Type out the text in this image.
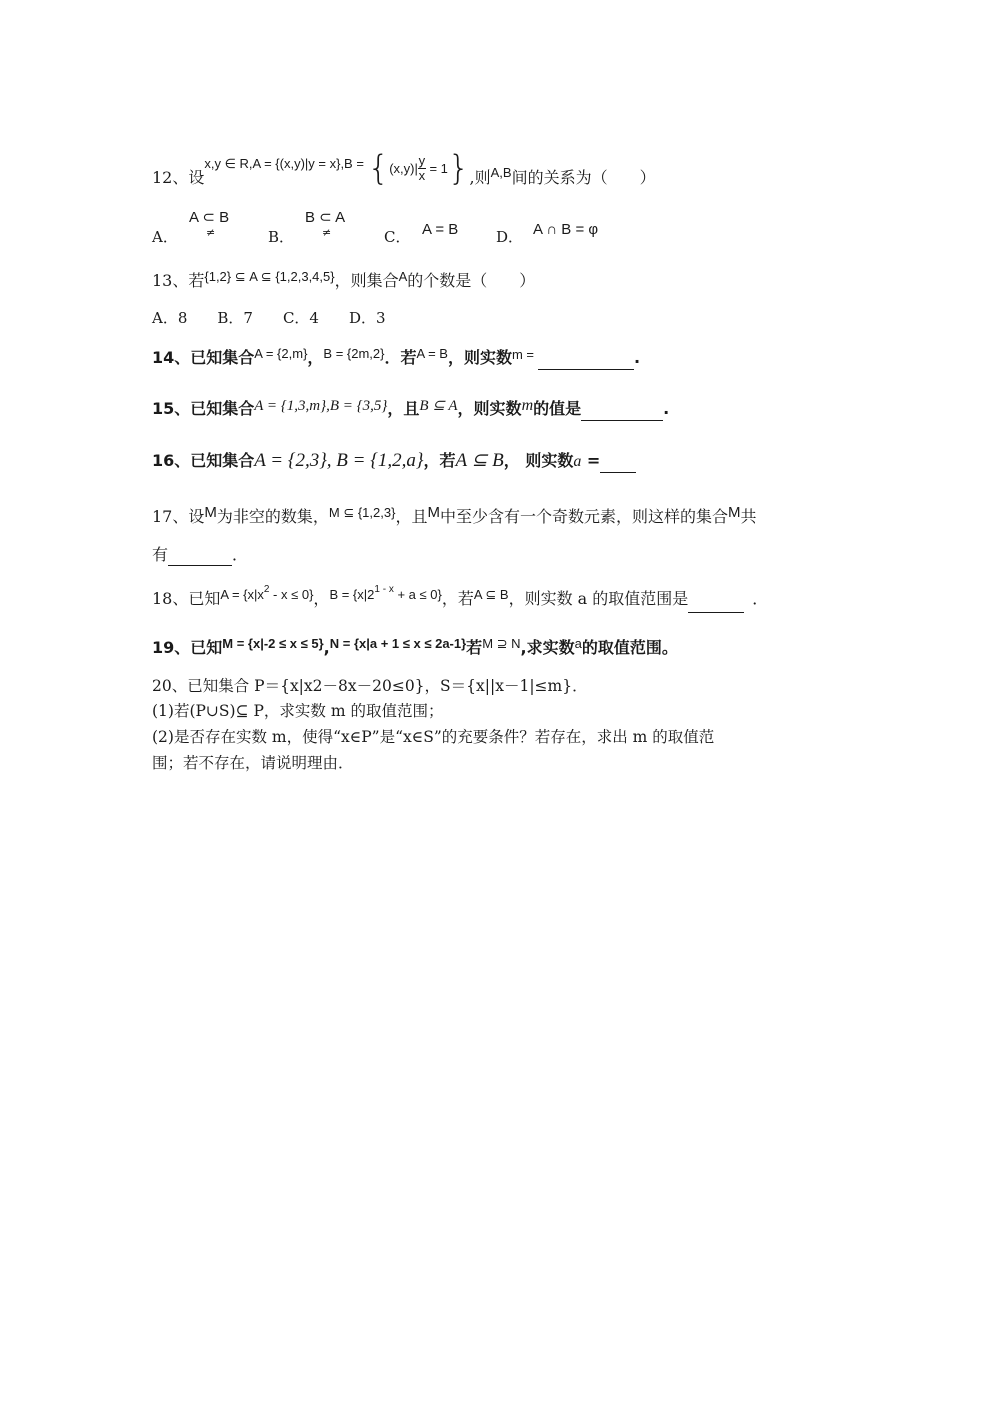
12、设$^{x,y \in R,A = \{(x,y)|y = x\},B =}$ $\{(x,y)| \frac{y}{x} = 1\}$,则$_{A,B}$间的关系为（　　）
A．
A ⊂ B
≠	B．
B ⊂ A
≠	C． A = B	D． A ∩ B = φ
13、若$^{\{1,2\} ⊆ A ⊆ \{1,2,3,4,5\}}$，则集合$^A$的个数是（　　）
A．8　　B．7　　C．4　　D．3
14、已知集合$^{A = \{2,m\}}$，$^{B = \{2m,2\}}$．若$^{A = B}$，则实数$^{m =}$	.
15、已知集合A = {1,3,m},B = {3,5}，且B ⊆ A，则实数m的值是	.
16、已知集合A = {2,3}, B = {1,2,a}，若A ⊆ B， 则实数a =
17、设M为非空的数集，$^{M ⊆ \{1,2,3\}}$，且M中至少含有一个奇数元素，则这样的集合M共
有	．
18、已知$^{A = \{x|x^2 - x \le 0\}}$，$^{B = \{x|2^{1 - x} + a \le 0\}}$，若$^{A ⊆ B}$，则实数 a 的取值范围是	．
19、已知$^{M = \{x|-2 \le x \le 5\}}$,$^{N = \{x|a + 1 \le x \le 2a-1\}}$若$^{M ⊇ N}$,求实数$^a$的取值范围。
20、已知集合 P＝{x|x2－8x－20≤0}，S＝{x||x－1|≤m}．
(1)若(P∪S)⊆ P，求实数 m 的取值范围；
(2)是否存在实数 m，使得“x∈P”是“x∈S”的充要条件？若存在，求出 m 的取值范
围；若不存在，请说明理由．
